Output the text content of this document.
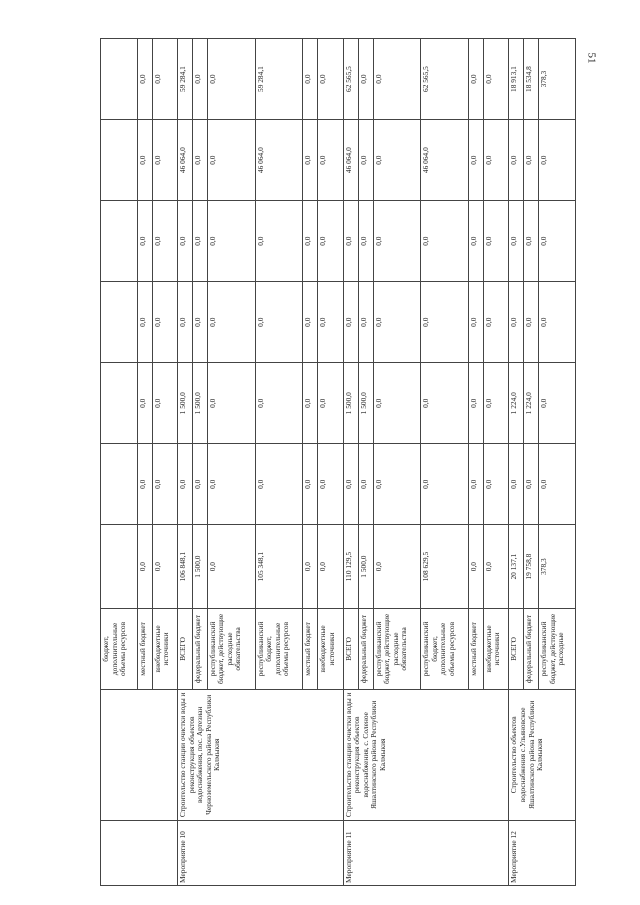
51
		бюджет, дополнительные объемы ресурсов							
		местный бюджет	0,0	0,0	0,0	0,0	0,0	0,0	0,0
		внебюджетные источники	0,0	0,0	0,0	0,0	0,0	0,0	0,0
Мероприятие 10	Строительство станции очистки воды и реконструкция объектов водоснабжения, пос. Артезиан Черноземельского района Республики Калмыкия	ВСЕГО	106 848,1	0,0	1 500,0	0,0	0,0	46 064,0	59 284,1
		федеральный бюджет	1 500,0	0,0	1 500,0	0,0	0,0	0,0	0,0
		республиканский бюджет, действующие расходные обязательства	0,0	0,0	0,0	0,0	0,0	0,0	0,0
		республиканский бюджет, дополнительные объемы ресурсов	105 348,1	0,0	0,0	0,0	0,0	46 064,0	59 284,1
		местный бюджет	0,0	0,0	0,0	0,0	0,0	0,0	0,0
		внебюджетные источники	0,0	0,0	0,0	0,0	0,0	0,0	0,0
Мероприятие 11	Строительство станции очистки воды и реконструкция объектов водоснабжения, с. Соленое Яшалтинского района Республики Калмыкия	ВСЕГО	110 129,5	0,0	1 500,0	0,0	0,0	46 064,0	62 565,5
		федеральный бюджет	1 500,0	0,0	1 500,0	0,0	0,0	0,0	0,0
		республиканский бюджет, действующие расходные обязательства	0,0	0,0	0,0	0,0	0,0	0,0	0,0
		республиканский бюджет, дополнительные объемы ресурсов	108 629,5	0,0	0,0	0,0	0,0	46 064,0	62 565,5
		местный бюджет	0,0	0,0	0,0	0,0	0,0	0,0	0,0
		внебюджетные источники	0,0	0,0	0,0	0,0	0,0	0,0	0,0
Мероприятие 12	Строительство объектов водоснабжения с.Ульяновское Яшалтинского района Республики Калмыкия	ВСЕГО	20 137,1	0,0	1 224,0	0,0	0,0	0,0	18 913,1
		федеральный бюджет	19 758,8	0,0	1 224,0	0,0	0,0	0,0	18 534,8
		республиканский бюджет, действующие расходные	378,3	0,0	0,0	0,0	0,0	0,0	378,3
